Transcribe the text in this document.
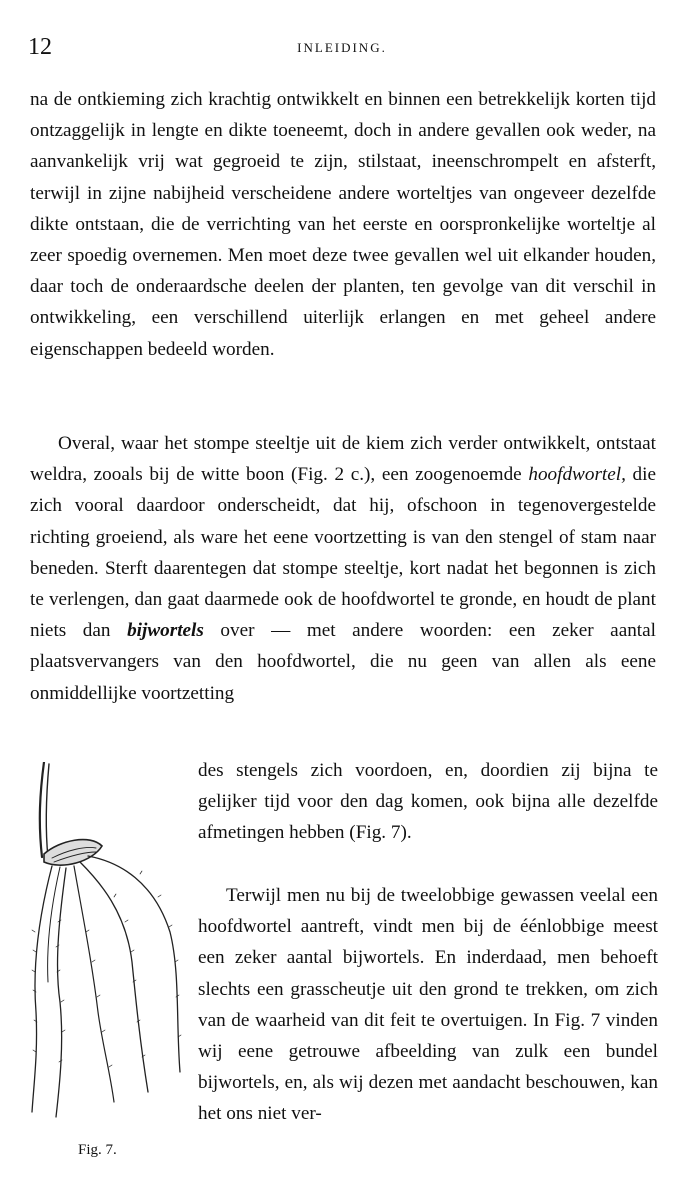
12	INLEIDING.
na de ontkieming zich krachtig ontwikkelt en binnen een betrekkelijk korten tijd ontzaggelijk in lengte en dikte toeneemt, doch in andere gevallen ook weder, na aanvankelijk vrij wat gegroeid te zijn, stilstaat, ineenschrompelt en afsterft, terwijl in zijne nabijheid verscheidene andere worteltjes van ongeveer dezelfde dikte ontstaan, die de verrichting van het eerste en oorspronkelijke worteltje al zeer spoedig overnemen. Men moet deze twee gevallen wel uit elkander houden, daar toch de onderaardsche deelen der planten, ten gevolge van dit verschil in ontwikkeling, een verschillend uiterlijk erlangen en met geheel andere eigenschappen bedeeld worden.
Overal, waar het stompe steeltje uit de kiem zich verder ontwikkelt, ontstaat weldra, zooals bij de witte boon (Fig. 2 c.), een zoogenoemde hoofdwortel, die zich vooral daardoor onderscheidt, dat hij, ofschoon in tegenovergestelde richting groeiend, als ware het eene voortzetting is van den stengel of stam naar beneden. Sterft daarentegen dat stompe steeltje, kort nadat het begonnen is zich te verlengen, dan gaat daarmede ook de hoofdwortel te gronde, en houdt de plant niets dan bijwortels over — met andere woorden: een zeker aantal plaatsvervangers van den hoofdwortel, die nu geen van allen als eene onmiddellijke voortzetting
des stengels zich voordoen, en, doordien zij bijna te gelijker tijd voor den dag komen, ook bijna alle dezelfde afmetingen hebben (Fig. 7).
Terwijl men nu bij de tweelobbige gewassen veelal een hoofdwortel aantreft, vindt men bij de éénlobbige meest een zeker aantal bijwortels. En inderdaad, men behoeft slechts een grasscheutje uit den grond te trekken, om zich van de waarheid van dit feit te overtuigen. In Fig. 7 vinden wij eene getrouwe afbeelding van zulk een bundel bijwortels, en, als wij dezen met aandacht beschouwen, kan het ons niet ver-
Fig. 7.
